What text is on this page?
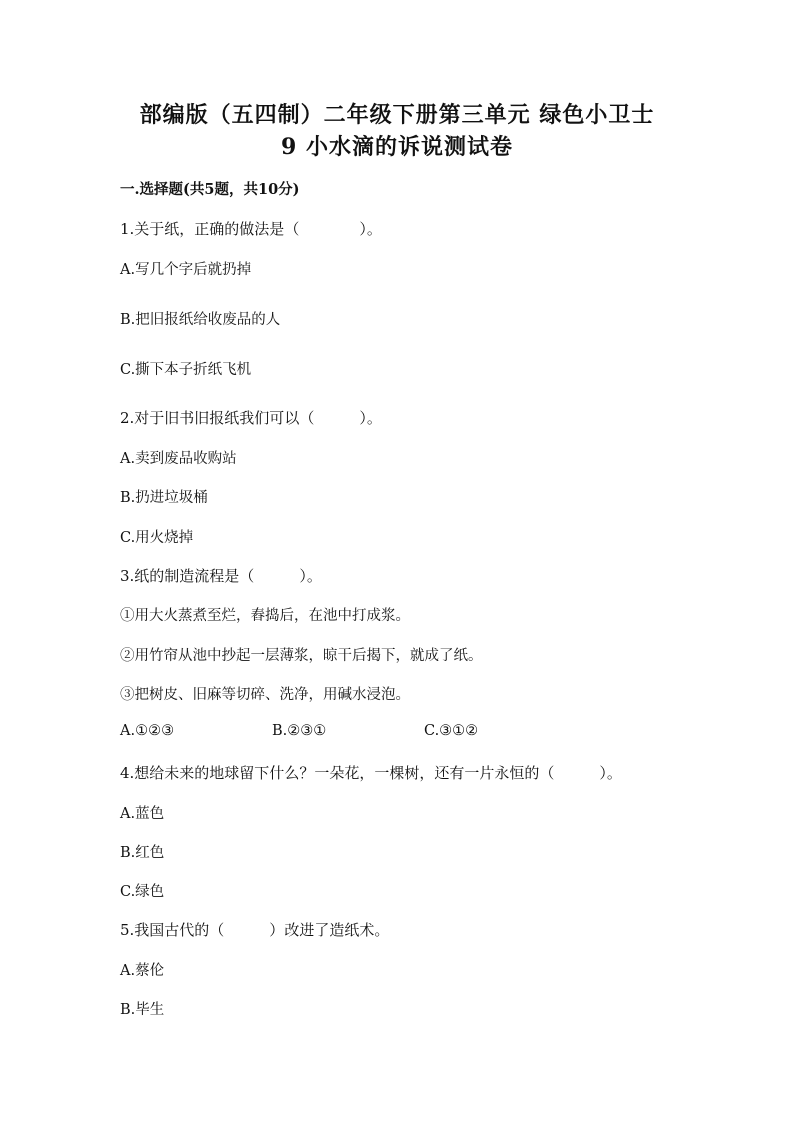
部编版（五四制）二年级下册第三单元 绿色小卫士
9 小水滴的诉说测试卷
一.选择题(共5题，共10分)
1.关于纸，正确的做法是（　　　　）。
A.写几个字后就扔掉
B.把旧报纸给收废品的人
C.撕下本子折纸飞机
2.对于旧书旧报纸我们可以（　　　）。
A.卖到废品收购站
B.扔进垃圾桶
C.用火烧掉
3.纸的制造流程是（　　　）。
①用大火蒸煮至烂，舂捣后，在池中打成浆。
②用竹帘从池中抄起一层薄浆，晾干后揭下，就成了纸。
③把树皮、旧麻等切碎、洗净，用碱水浸泡。
A.①②③	B.②③①	C.③①②
4.想给未来的地球留下什么？一朵花，一棵树，还有一片永恒的（　　　）。
A.蓝色
B.红色
C.绿色
5.我国古代的（　　　）改进了造纸术。
A.蔡伦
B.毕生
